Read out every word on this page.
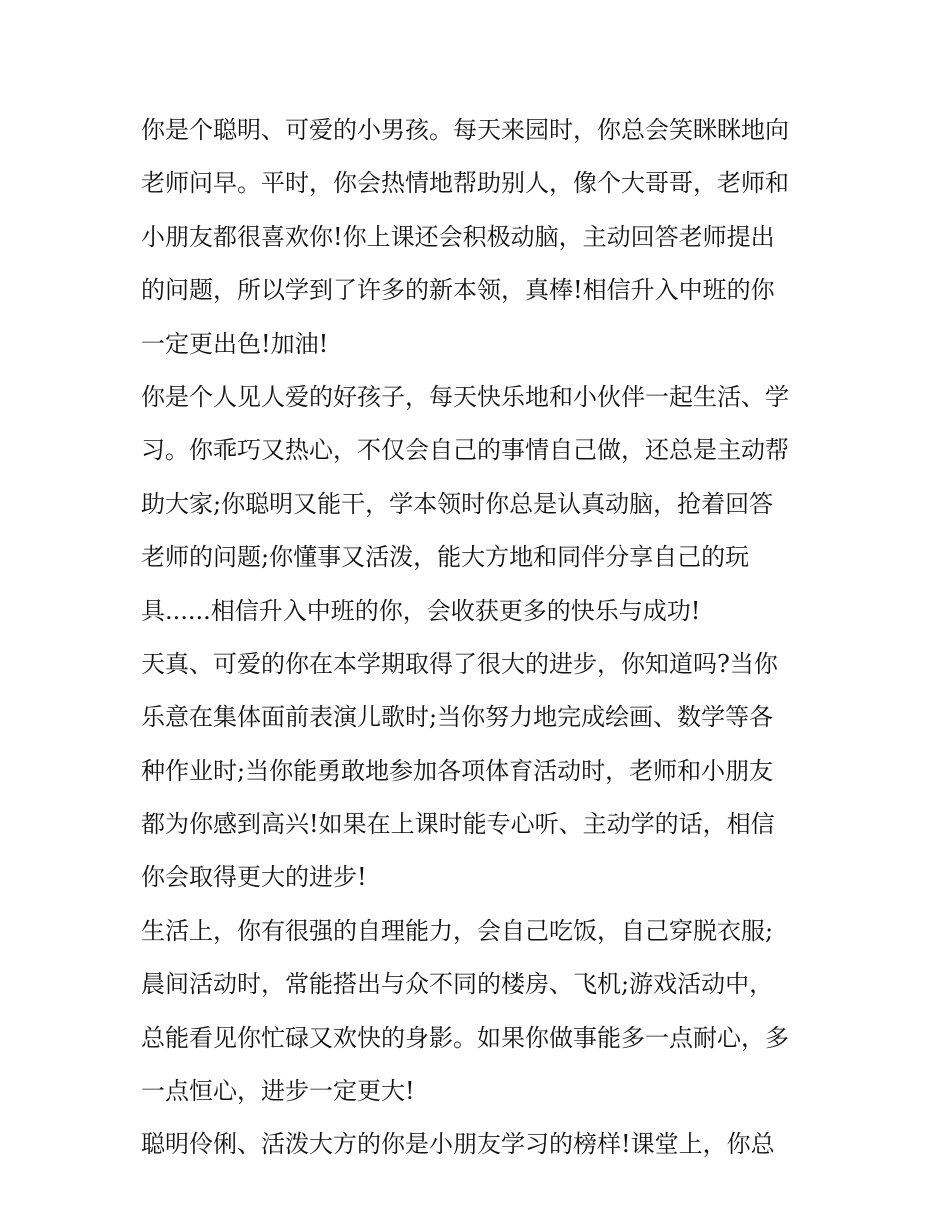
你是个聪明、可爱的小男孩。每天来园时，你总会笑眯眯地向
老师问早。平时，你会热情地帮助别人，像个大哥哥，老师和
小朋友都很喜欢你!你上课还会积极动脑，主动回答老师提出
的问题，所以学到了许多的新本领，真棒!相信升入中班的你
一定更出色!加油!
你是个人见人爱的好孩子，每天快乐地和小伙伴一起生活、学
习。你乖巧又热心，不仅会自己的事情自己做，还总是主动帮
助大家;你聪明又能干，学本领时你总是认真动脑，抢着回答
老师的问题;你懂事又活泼，能大方地和同伴分享自己的玩
具......相信升入中班的你，会收获更多的快乐与成功!
天真、可爱的你在本学期取得了很大的进步，你知道吗?当你
乐意在集体面前表演儿歌时;当你努力地完成绘画、数学等各
种作业时;当你能勇敢地参加各项体育活动时，老师和小朋友
都为你感到高兴!如果在上课时能专心听、主动学的话，相信
你会取得更大的进步!
生活上，你有很强的自理能力，会自己吃饭，自己穿脱衣服;
晨间活动时，常能搭出与众不同的楼房、飞机;游戏活动中，
总能看见你忙碌又欢快的身影。如果你做事能多一点耐心，多
一点恒心，进步一定更大!
聪明伶俐、活泼大方的你是小朋友学习的榜样!课堂上，你总
